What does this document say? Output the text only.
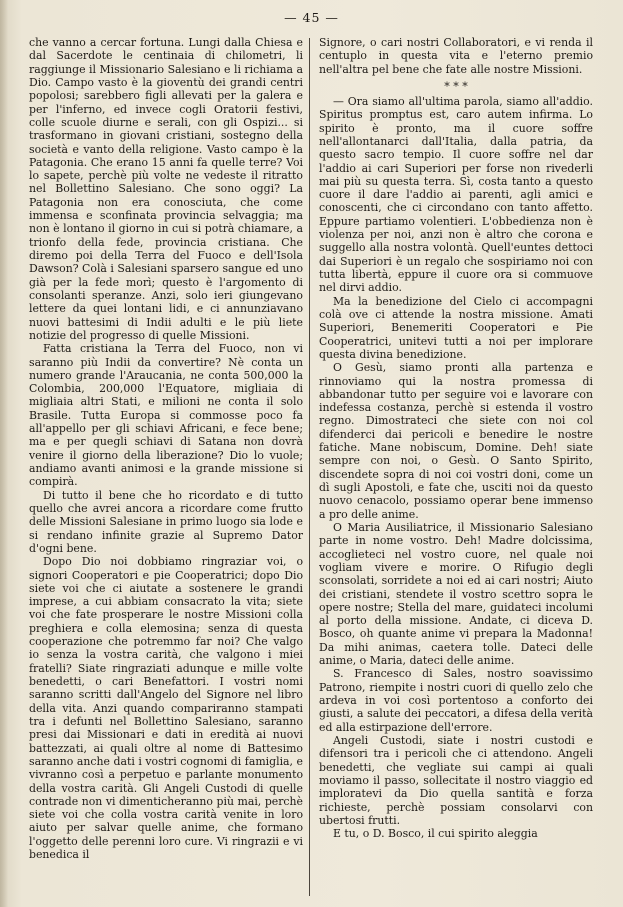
— 45 —

che vanno a cercar fortuna. Lungi dalla Chiesa e dal Sacerdote le centinaia di chilometri, li raggiunge il Missionario Salesiano e li richiama a Dio. Campo vasto è la gioventù dei grandi centri popolosi; sarebbero figli allevati per la galera e per l'inferno, ed invece cogli Oratorii festivi, colle scuole diurne e serali, con gli Ospizi... si trasformano in giovani cristiani, sostegno della società e vanto della religione. Vasto campo è la Patagonia. Che erano 15 anni fa quelle terre? Voi lo sapete, perchè più volte ne vedeste il ritratto nel Bollettino Salesiano. Che sono oggi? La Patagonia non era conosciuta, che come immensa e sconfinata provincia selvaggia; ma non è lontano il giorno in cui si potrà chiamare, a trionfo della fede, provincia cristiana. Che diremo poi della Terra del Fuoco e dell'Isola Dawson? Colà i Salesiani sparsero sangue ed uno già per la fede morì; questo è l'argomento di consolanti speranze. Anzi, solo ieri giungevano lettere da quei lontani lidi, e ci annunziavano nuovi battesimi di Indii adulti e le più liete notizie del progresso di quelle Missioni.

Fatta cristiana la Terra del Fuoco, non vi saranno più Indii da convertire? Nè conta un numero grande l'Araucania, ne conta 500,000 la Colombia, 200,000 l'Equatore, migliaia di migliaia altri Stati, e milioni ne conta il solo Brasile. Tutta Europa si commosse poco fa all'appello per gli schiavi Africani, e fece bene; ma e per quegli schiavi di Satana non dovrà venire il giorno della liberazione? Dio lo vuole; andiamo avanti animosi e la grande missione si compirà.

Di tutto il bene che ho ricordato e di tutto quello che avrei ancora a ricordare come frutto delle Missioni Salesiane in primo luogo sia lode e si rendano infinite grazie al Supremo Dator d'ogni bene.

Dopo Dio noi dobbiamo ringraziar voi, o signori Cooperatori e pie Cooperatrici; dopo Dio siete voi che ci aiutate a sostenere le grandi imprese, a cui abbiam consacrato la vita; siete voi che fate prosperare le nostre Missioni colla preghiera e colla elemosina; senza di questa cooperazione che potremmo far noi? Che valgo io senza la vostra carità, che valgono i miei fratelli? Siate ringraziati adunque e mille volte benedetti, o cari Benefattori. I vostri nomi saranno scritti dall'Angelo del Signore nel libro della vita. Anzi quando compariranno stampati tra i defunti nel Bollettino Salesiano, saranno presi dai Missionari e dati in eredità ai nuovi battezzati, ai quali oltre al nome di Battesimo saranno anche dati i vostri cognomi di famiglia, e vivranno così a perpetuo e parlante monumento della vostra carità. Gli Angeli Custodi di quelle contrade non vi dimenticheranno più mai, perchè siete voi che colla vostra carità venite in loro aiuto per salvar quelle anime, che formano l'oggetto delle perenni loro cure. Vi ringrazii e vi benedica il

Signore, o cari nostri Collaboratori, e vi renda il centuplo in questa vita e l'eterno premio nell'altra pel bene che fate alle nostre Missioni.

* * *

— Ora siamo all'ultima parola, siamo all'addio. Spiritus promptus est, caro autem infirma. Lo spirito è pronto, ma il cuore soffre nell'allontanarci dall'Italia, dalla patria, da questo sacro tempio. Il cuore soffre nel dar l'addio ai cari Superiori per forse non rivederli mai più su questa terra. Sì, costa tanto a questo cuore il dare l'addio ai parenti, agli amici e conoscenti, che ci circondano con tanto affetto. Eppure partiamo volentieri. L'obbedienza non è violenza per noi, anzi non è altro che corona e suggello alla nostra volontà. Quell'euntes dettoci dai Superiori è un regalo che sospiriamo noi con tutta libertà, eppure il cuore ora si commuove nel dirvi addio.

Ma la benedizione del Cielo ci accompagni colà ove ci attende la nostra missione. Amati Superiori, Benemeriti Cooperatori e Pie Cooperatrici, unitevi tutti a noi per implorare questa divina benedizione.

O Gesù, siamo pronti alla partenza e rinnoviamo qui la nostra promessa di abbandonar tutto per seguire voi e lavorare con indefessa costanza, perchè si estenda il vostro regno. Dimostrateci che siete con noi col difenderci dai pericoli e benedire le nostre fatiche. Mane nobiscum, Domine. Deh! siate sempre con noi, o Gesù. O Santo Spirito, discendete sopra di noi coi vostri doni, come un dì sugli Apostoli, e fate che, usciti noi da questo nuovo cenacolo, possiamo operar bene immenso a pro delle anime.

O Maria Ausiliatrice, il Missionario Salesiano parte in nome vostro. Deh! Madre dolcissima, accoglieteci nel vostro cuore, nel quale noi vogliam vivere e morire. O Rifugio degli sconsolati, sorridete a noi ed ai cari nostri; Aiuto dei cristiani, stendete il vostro scettro sopra le opere nostre; Stella del mare, guidateci incolumi al porto della missione. Andate, ci diceva D. Bosco, oh quante anime vi prepara la Madonna! Da mihi animas, caetera tolle. Dateci delle anime, o Maria, dateci delle anime.

S. Francesco di Sales, nostro soavissimo Patrono, riempite i nostri cuori di quello zelo che ardeva in voi così portentoso a conforto dei giusti, a salute dei peccatori, a difesa della verità ed alla estirpazione dell'errore.

Angeli Custodi, siate i nostri custodi e difensori tra i pericoli che ci attendono. Angeli benedetti, che vegliate sui campi ai quali moviamo il passo, sollecitate il nostro viaggio ed imploratevi da Dio quella santità e forza richieste, perchè possiam consolarvi con ubertosi frutti.

E tu, o D. Bosco, il cui spirito aleggia
